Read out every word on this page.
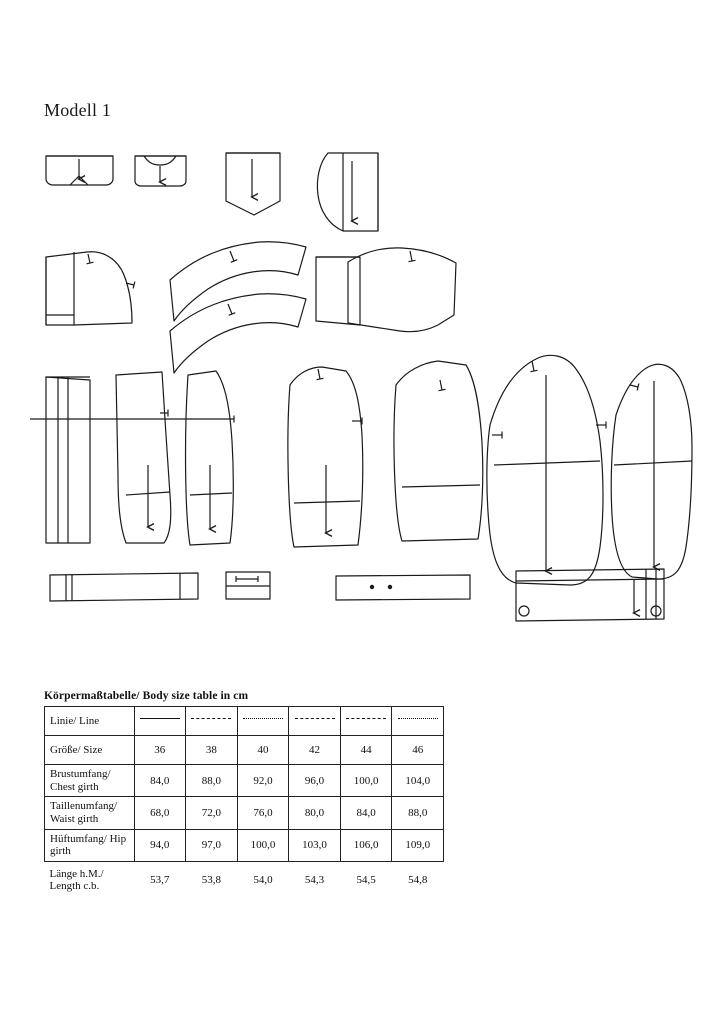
Modell 1
Körpermaßtabelle/ Body size table in cm
Linie/ Line	

Größe/ Size	36	38	40	42	44	46
Brustumfang/ Chest girth	84,0	88,0	92,0	96,0	100,0	104,0
Taillenumfang/ Waist girth	68,0	72,0	76,0	80,0	84,0	88,0
Hüftumfang/ Hip girth	94,0	97,0	100,0	103,0	106,0	109,0
Länge h.M./ Length c.b.	53,7	53,8	54,0	54,3	54,5	54,8
